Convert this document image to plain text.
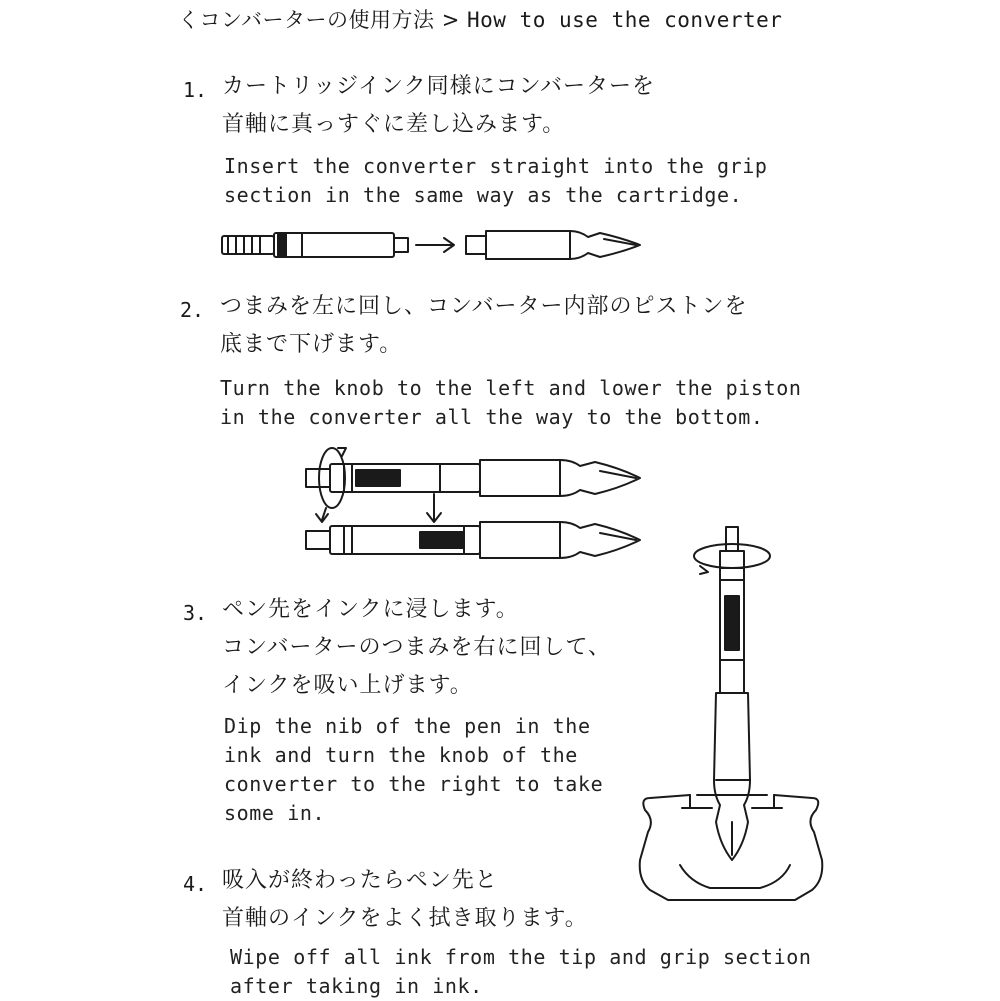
くコンバーターの使用方法 > How to use the converter
1. カートリッジインク同様にコンバーターを
首軸に真っすぐに差し込みます。
Insert the converter straight into the grip
section in the same way as the cartridge.
2. つまみを左に回し、コンバーター内部のピストンを
底まで下げます。
Turn the knob to the left and lower the piston
in the converter all the way to the bottom.
3. ペン先をインクに浸します。
コンバーターのつまみを右に回して、
インクを吸い上げます。
Dip the nib of the pen in the
ink and turn the knob of the
converter to the right to take
some in.
4. 吸入が終わったらペン先と
首軸のインクをよく拭き取ります。
Wipe off all ink from the tip and grip section
after taking in ink.
